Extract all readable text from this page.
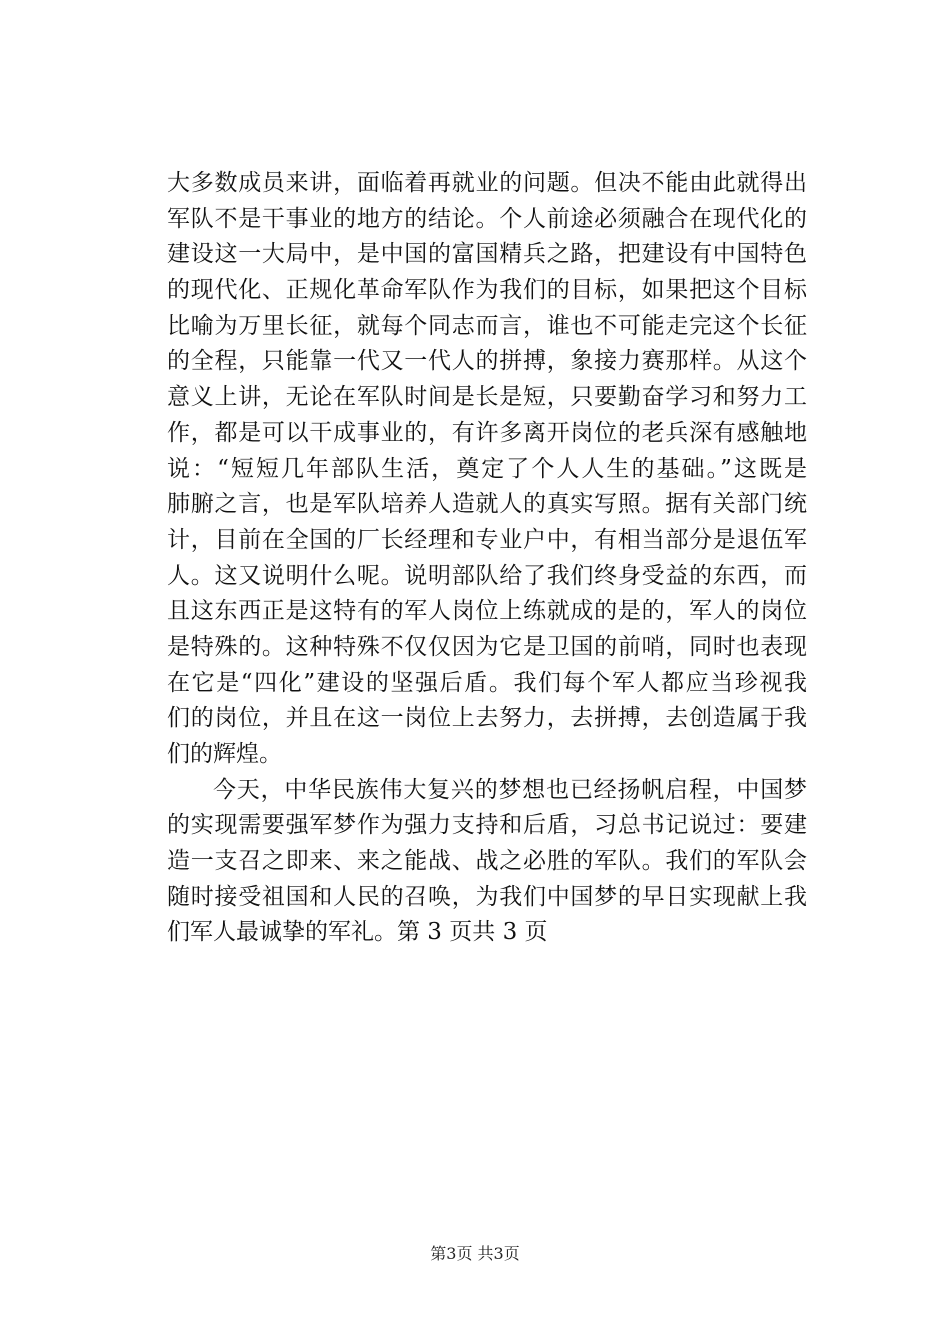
大多数成员来讲，面临着再就业的问题。但决不能由此就得出
军队不是干事业的地方的结论。个人前途必须融合在现代化的
建设这一大局中，是中国的富国精兵之路，把建设有中国特色
的现代化、正规化革命军队作为我们的目标，如果把这个目标
比喻为万里长征，就每个同志而言，谁也不可能走完这个长征
的全程，只能靠一代又一代人的拼搏，象接力赛那样。从这个
意义上讲，无论在军队时间是长是短，只要勤奋学习和努力工
作，都是可以干成事业的，有许多离开岗位的老兵深有感触地
说：“短短几年部队生活，奠定了个人人生的基础。”这既是
肺腑之言，也是军队培养人造就人的真实写照。据有关部门统
计，目前在全国的厂长经理和专业户中，有相当部分是退伍军
人。这又说明什么呢。说明部队给了我们终身受益的东西，而
且这东西正是这特有的军人岗位上练就成的是的，军人的岗位
是特殊的。这种特殊不仅仅因为它是卫国的前哨，同时也表现
在它是“四化”建设的坚强后盾。我们每个军人都应当珍视我
们的岗位，并且在这一岗位上去努力，去拼搏，去创造属于我
们的辉煌。
今天，中华民族伟大复兴的梦想也已经扬帆启程，中国梦
的实现需要强军梦作为强力支持和后盾，习总书记说过：要建
造一支召之即来、来之能战、战之必胜的军队。我们的军队会
随时接受祖国和人民的召唤，为我们中国梦的早日实现献上我
们军人最诚挚的军礼。第 3 页共 3 页
第3页 共3页
